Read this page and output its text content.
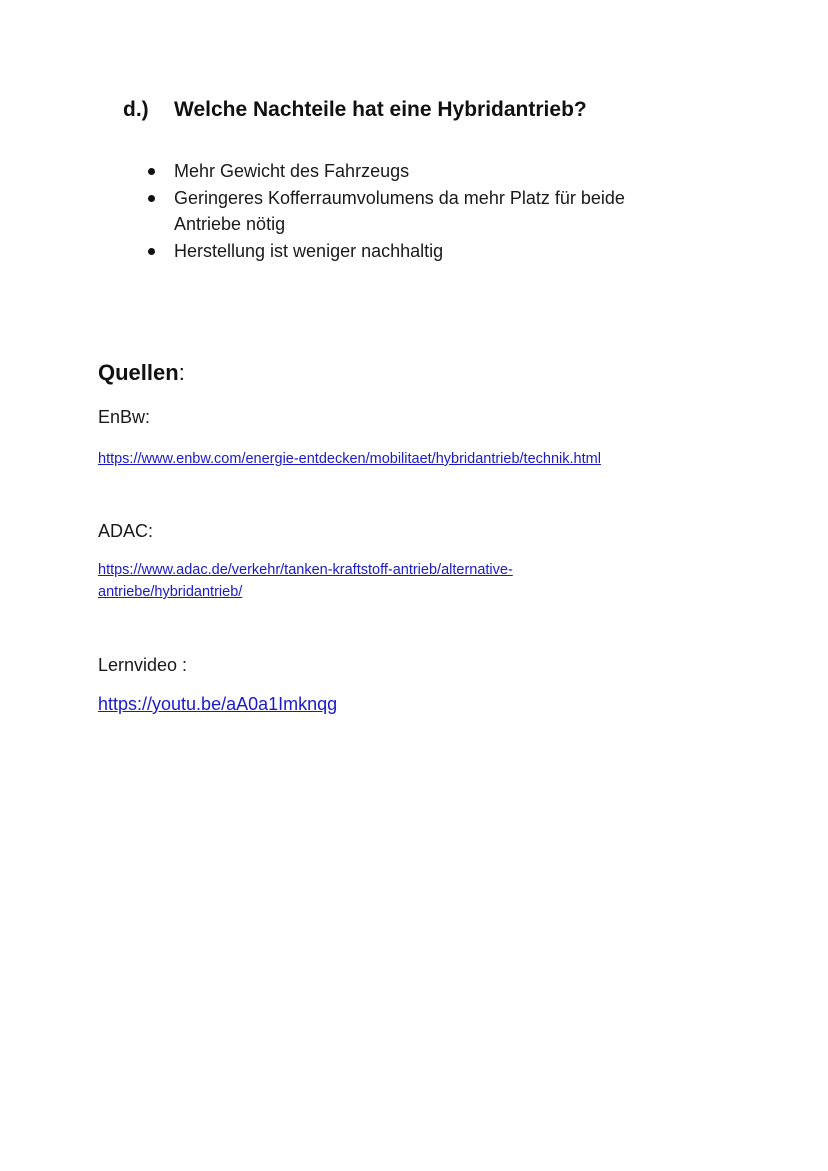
d.) Welche Nachteile hat eine Hybridantrieb?
Mehr Gewicht des Fahrzeugs
Geringeres Kofferraumvolumens da mehr Platz für beide
Antriebe nötig
Herstellung ist weniger nachhaltig
Quellen:

EnBw:

https://www.enbw.com/energie-entdecken/mobilitaet/hybridantrieb/technik.html

ADAC:

https://www.adac.de/verkehr/tanken-kraftstoff-antrieb/alternative-
antriebe/hybridantrieb/

Lernvideo :

https://youtu.be/aA0a1Imknqg
